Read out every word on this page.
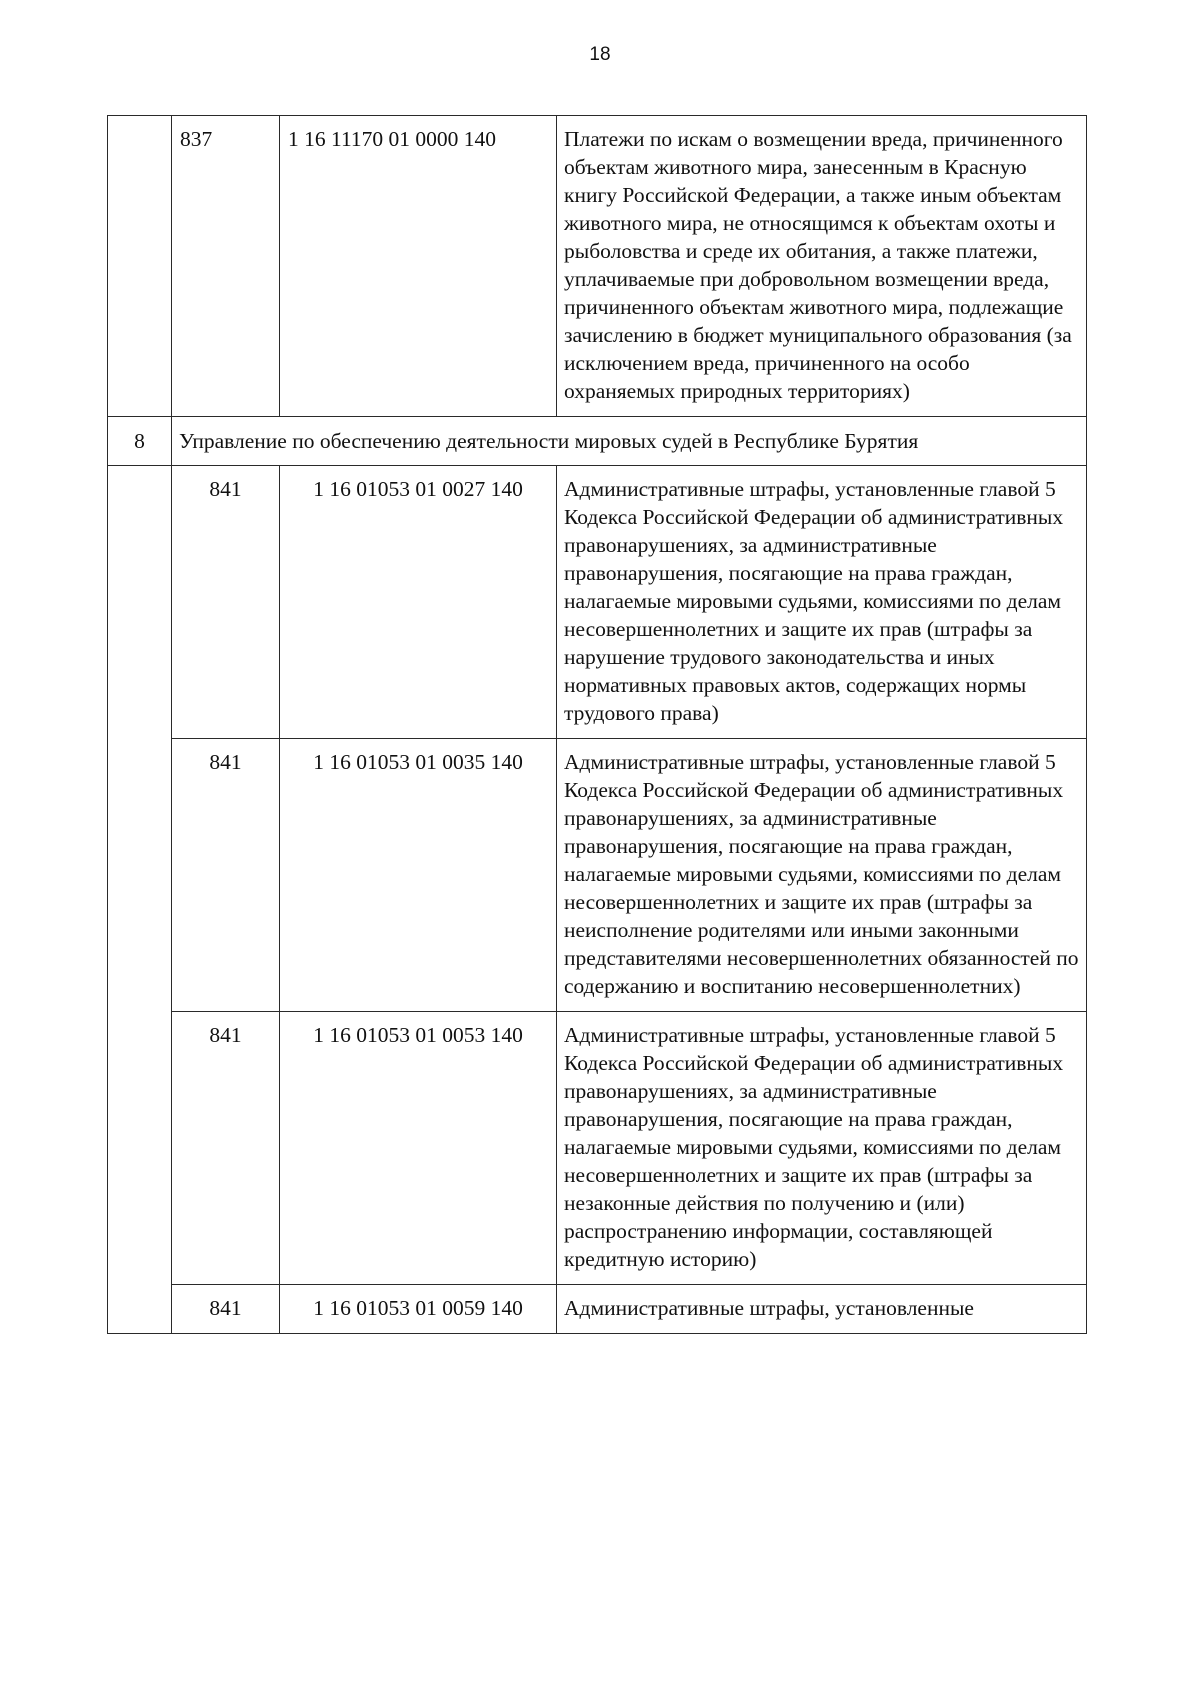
18
	837	1 16 11170 01 0000 140	Платежи по искам о возмещении вреда, причиненного объектам животного мира, занесенным в Красную книгу Российской Федерации, а также иным объектам животного мира, не относящимся к объектам охоты и рыболовства и среде их обитания, а также платежи, уплачиваемые при добровольном возмещении вреда, причиненного объектам животного мира, подлежащие зачислению в бюджет муниципального образования (за исключением вреда, причиненного на особо охраняемых природных территориях)
8	Управление по обеспечению деятельности мировых судей в Республике Бурятия		
	841	1 16 01053 01 0027 140	Административные штрафы, установленные главой 5 Кодекса Российской Федерации об административных правонарушениях, за административные правонарушения, посягающие на права граждан, налагаемые мировыми судьями, комиссиями по делам несовершеннолетних и защите их прав (штрафы за нарушение трудового законодательства и иных нормативных правовых актов, содержащих нормы трудового права)
	841	1 16 01053 01 0035 140	Административные штрафы, установленные главой 5 Кодекса Российской Федерации об административных правонарушениях, за административные правонарушения, посягающие на права граждан, налагаемые мировыми судьями, комиссиями по делам несовершеннолетних и защите их прав (штрафы за неисполнение родителями или иными законными представителями несовершеннолетних обязанностей по содержанию и воспитанию несовершеннолетних)
	841	1 16 01053 01 0053 140	Административные штрафы, установленные главой 5 Кодекса Российской Федерации об административных правонарушениях, за административные правонарушения, посягающие на права граждан, налагаемые мировыми судьями, комиссиями по делам несовершеннолетних и защите их прав (штрафы за незаконные действия по получению и (или) распространению информации, составляющей кредитную историю)
	841	1 16 01053 01 0059 140	Административные штрафы, установленные
